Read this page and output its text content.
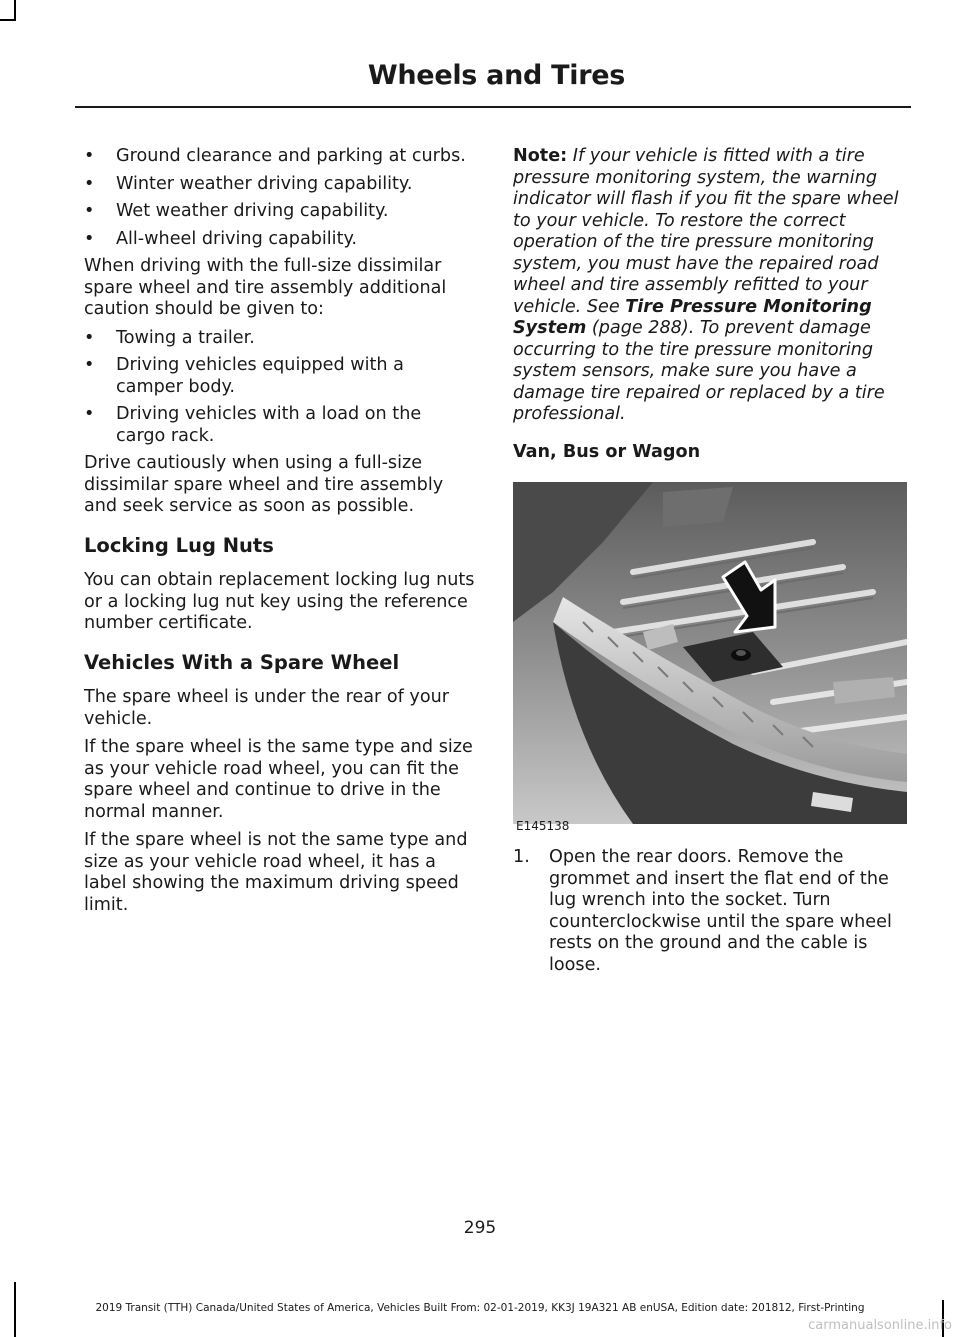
Wheels and Tires
• Ground clearance and parking at curbs.
• Winter weather driving capability.
• Wet weather driving capability.
• All-wheel driving capability.

When driving with the full-size dissimilar spare wheel and tire assembly additional caution should be given to:

• Towing a trailer.
• Driving vehicles equipped with a camper body.
• Driving vehicles with a load on the cargo rack.

Drive cautiously when using a full-size dissimilar spare wheel and tire assembly and seek service as soon as possible.

Locking Lug Nuts

You can obtain replacement locking lug nuts or a locking lug nut key using the reference number certificate.

Vehicles With a Spare Wheel

The spare wheel is under the rear of your vehicle.

If the spare wheel is the same type and size as your vehicle road wheel, you can fit the spare wheel and continue to drive in the normal manner.

If the spare wheel is not the same type and size as your vehicle road wheel, it has a label showing the maximum driving speed limit.

Note: If your vehicle is fitted with a tire pressure monitoring system, the warning indicator will flash if you fit the spare wheel to your vehicle. To restore the correct operation of the tire pressure monitoring system, you must have the repaired road wheel and tire assembly refitted to your vehicle. See Tire Pressure Monitoring System (page 288). To prevent damage occurring to the tire pressure monitoring system sensors, make sure you have a damage tire repaired or replaced by a tire professional.

Van, Bus or Wagon
E145138
1. Open the rear doors. Remove the grommet and insert the flat end of the lug wrench into the socket. Turn counterclockwise until the spare wheel rests on the ground and the cable is loose.
295
2019 Transit (TTH) Canada/United States of America, Vehicles Built From: 02-01-2019, KK3J 19A321 AB enUSA, Edition date: 201812, First-Printing
carmanualsonline.info
